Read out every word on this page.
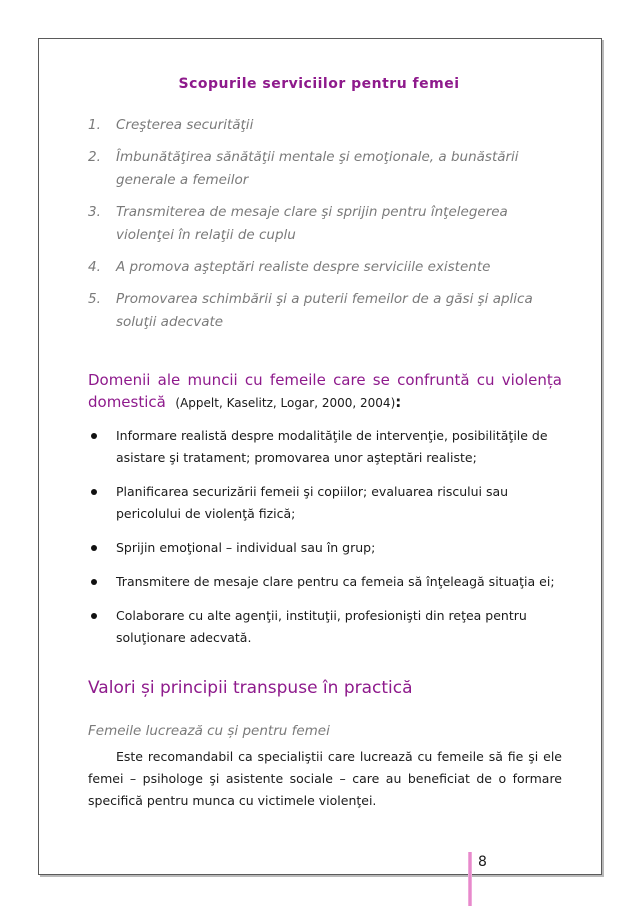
Scopurile serviciilor pentru femei
1. Creşterea securităţii
2. Îmbunătăţirea sănătăţii mentale şi emoţionale, a bunăstării generale a femeilor
3. Transmiterea de mesaje clare şi sprijin pentru înţelegerea violenţei în relaţii de cuplu
4. A promova aşteptări realiste despre serviciile existente
5. Promovarea schimbării şi a puterii femeilor de a găsi şi aplica soluţii adecvate
Domenii ale muncii cu femeile care se confruntă cu violența domestică (Appelt, Kaselitz, Logar, 2000, 2004):
Informare realistă despre modalităţile de intervenţie, posibilităţile de asistare şi tratament; promovarea unor aşteptări realiste;
Planificarea securizării femeii şi copiilor; evaluarea riscului sau pericolului de violenţă fizică;
Sprijin emoţional – individual sau în grup;
Transmitere de mesaje clare pentru ca femeia să înţeleagă situaţia ei;
Colaborare cu alte agenţii, instituţii, profesionişti din reţea pentru soluţionare adecvată.
Valori și principii transpuse în practică
Femeile lucrează cu și pentru femei
Este recomandabil ca specialiştii care lucrează cu femeile să fie şi ele femei – psihologe şi asistente sociale – care au beneficiat de o formare specifică pentru munca cu victimele violenţei.
8
